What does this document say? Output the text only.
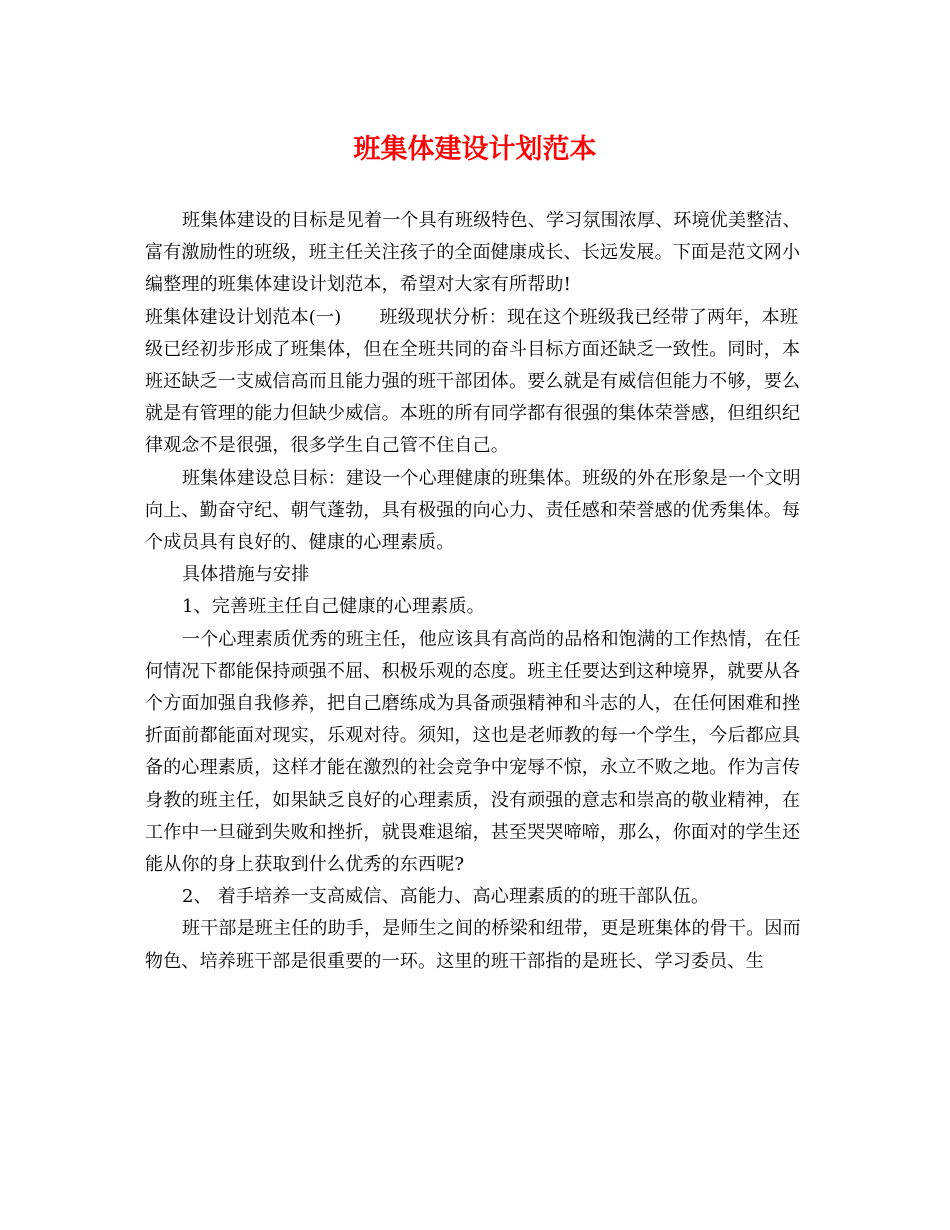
班集体建设计划范本

班集体建设的目标是见着一个具有班级特色、学习氛围浓厚、环境优美整洁、富有激励性的班级，班主任关注孩子的全面健康成长、长远发展。下面是范文网小编整理的班集体建设计划范本，希望对大家有所帮助!

班集体建设计划范本(一) 班级现状分析：现在这个班级我已经带了两年，本班级已经初步形成了班集体，但在全班共同的奋斗目标方面还缺乏一致性。同时，本班还缺乏一支威信高而且能力强的班干部团体。要么就是有威信但能力不够，要么就是有管理的能力但缺少威信。本班的所有同学都有很强的集体荣誉感，但组织纪律观念不是很强，很多学生自己管不住自己。

班集体建设总目标：建设一个心理健康的班集体。班级的外在形象是一个文明向上、勤奋守纪、朝气蓬勃，具有极强的向心力、责任感和荣誉感的优秀集体。每个成员具有良好的、健康的心理素质。

具体措施与安排

1、完善班主任自己健康的心理素质。

一个心理素质优秀的班主任，他应该具有高尚的品格和饱满的工作热情，在任何情况下都能保持顽强不屈、积极乐观的态度。班主任要达到这种境界，就要从各个方面加强自我修养，把自己磨练成为具备顽强精神和斗志的人，在任何困难和挫折面前都能面对现实，乐观对待。须知，这也是老师教的每一个学生，今后都应具备的心理素质，这样才能在激烈的社会竞争中宠辱不惊，永立不败之地。作为言传身教的班主任，如果缺乏良好的心理素质，没有顽强的意志和崇高的敬业精神，在工作中一旦碰到失败和挫折，就畏难退缩，甚至哭哭啼啼，那么，你面对的学生还能从你的身上获取到什么优秀的东西呢?

2、 着手培养一支高威信、高能力、高心理素质的的班干部队伍。

班干部是班主任的助手，是师生之间的桥梁和纽带，更是班集体的骨干。因而物色、培养班干部是很重要的一环。这里的班干部指的是班长、学习委员、生
